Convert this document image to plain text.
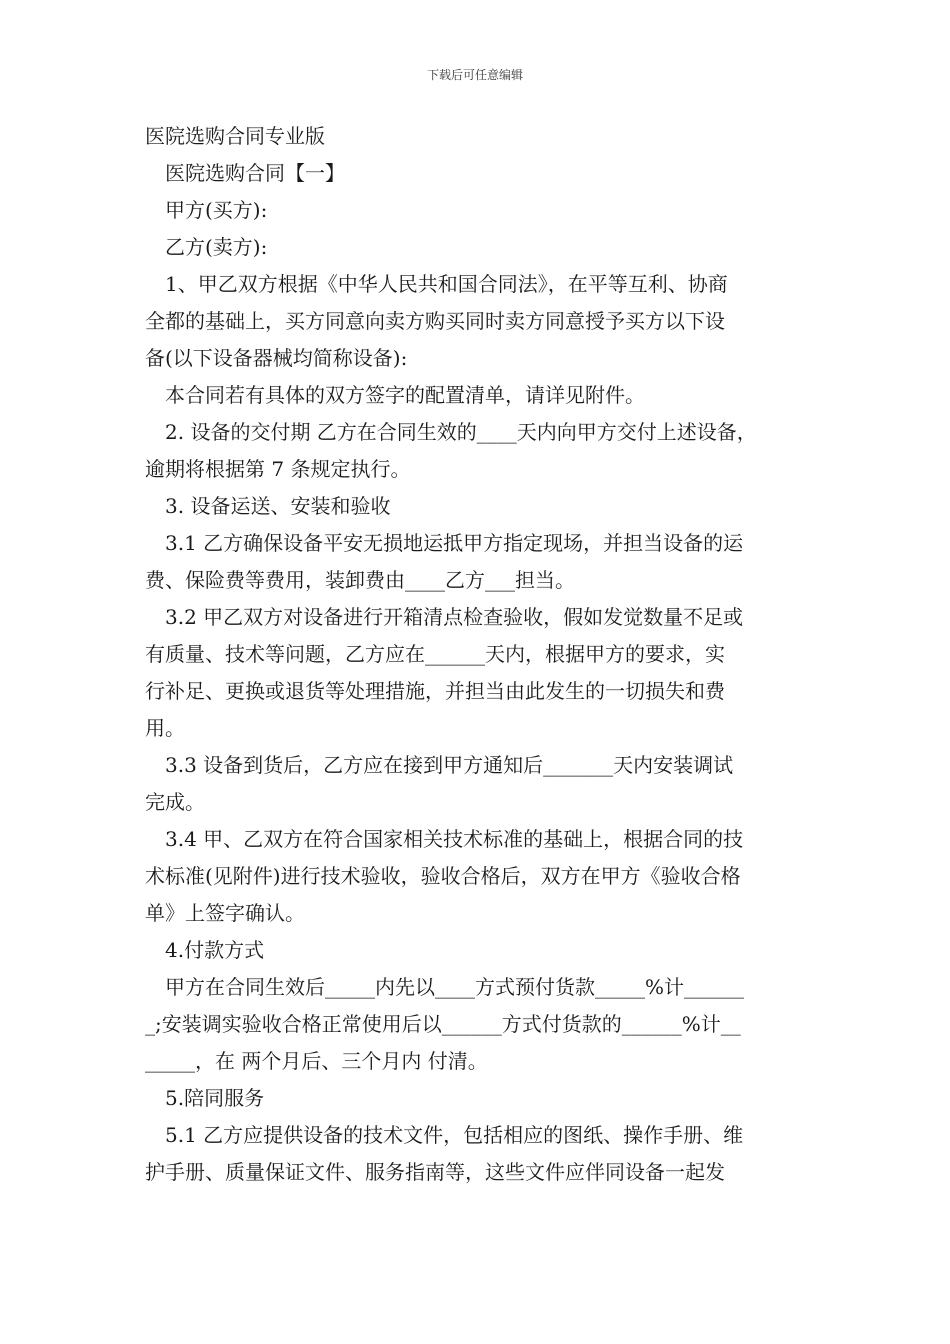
下载后可任意编辑
医院选购合同专业版
医院选购合同【一】
甲方(买方):
乙方(卖方):
1、甲乙双方根据《中华人民共和国合同法》，在平等互利、协商
全都的基础上，买方同意向卖方购买同时卖方同意授予买方以下设
备(以下设备器械均简称设备):
本合同若有具体的双方签字的配置清单，请详见附件。
2. 设备的交付期 乙方在合同生效的____天内向甲方交付上述设备，
逾期将根据第 7 条规定执行。
3. 设备运送、安装和验收
3.1 乙方确保设备平安无损地运抵甲方指定现场，并担当设备的运
费、保险费等费用，装卸费由____乙方___担当。
3.2 甲乙双方对设备进行开箱清点检查验收，假如发觉数量不足或
有质量、技术等问题，乙方应在______天内，根据甲方的要求，实
行补足、更换或退货等处理措施，并担当由此发生的一切损失和费
用。
3.3 设备到货后，乙方应在接到甲方通知后_______天内安装调试
完成。
3.4 甲、乙双方在符合国家相关技术标准的基础上，根据合同的技
术标准(见附件)进行技术验收，验收合格后，双方在甲方《验收合格
单》上签字确认。
4.付款方式
甲方在合同生效后_____内先以____方式预付货款_____%计______
_;安装调实验收合格正常使用后以______方式付货款的______%计__
_____，在 两个月后、三个月内 付清。
5.陪同服务
5.1 乙方应提供设备的技术文件，包括相应的图纸、操作手册、维
护手册、质量保证文件、服务指南等，这些文件应伴同设备一起发
